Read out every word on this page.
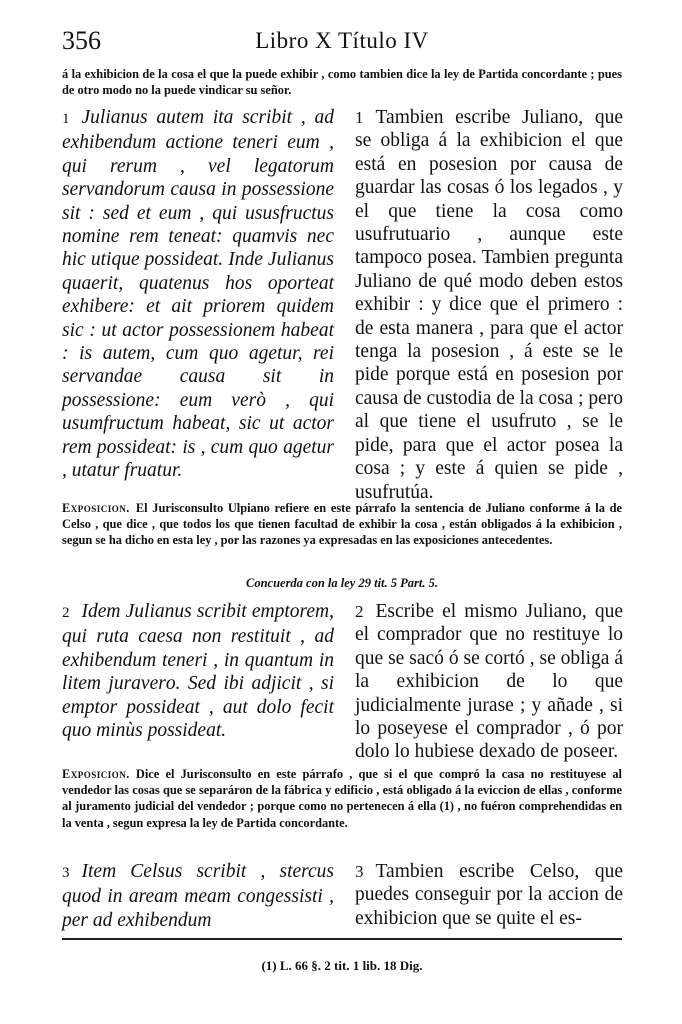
356	Libro X Título IV
á la exhibicion de la cosa el que la puede exhibir , como tambien dice la ley de Partida concordante ; pues de otro modo no la puede vindicar su señor.
1 Julianus autem ita scribit , ad exhibendum actione teneri eum , qui rerum , vel legatorum servandorum causa in possessione sit : sed et eum , qui ususfructus nomine rem teneat: quamvis nec hic utique possideat. Inde Julianus quaerit, quatenus hos oporteat exhibere: et ait priorem quidem sic : ut actor possessionem habeat : is autem, cum quo agetur, rei servandae causa sit in possessione: eum verò , qui usumfructum habeat, sic ut actor rem possideat: is , cum quo agetur , utatur fruatur.
1 Tambien escribe Juliano, que se obliga á la exhibicion el que está en posesion por causa de guardar las cosas ó los legados , y el que tiene la cosa como usufrutuario , aunque este tampoco posea. Tambien pregunta Juliano de qué modo deben estos exhibir : y dice que el primero : de esta manera , para que el actor tenga la posesion , á este se le pide porque está en posesion por causa de custodia de la cosa ; pero al que tiene el usufruto , se le pide, para que el actor posea la cosa ; y este á quien se pide , usufrutúa.
Exposicion. El Jurisconsulto Ulpiano refiere en este párrafo la sentencia de Juliano conforme á la de Celso , que dice , que todos los que tienen facultad de exhibir la cosa , están obligados á la exhibicion , segun se ha dicho en esta ley , por las razones ya expresadas en las exposiciones antecedentes.
Concuerda con la ley 29 tit. 5 Part. 5.
2 Idem Julianus scribit emptorem, qui ruta caesa non restituit , ad exhibendum teneri , in quantum in litem juraverο. Sed ibi adjicit , si emptor possideat , aut dolo fecit quo minùs possideat.
2 Escribe el mismo Juliano, que el comprador que no restituye lo que se sacó ó se cortó , se obliga á la exhibicion de lo que judicialmente jurase ; y añade , si lo poseyese el comprador , ó por dolo lo hubiese dexado de poseer.
Exposicion. Dice el Jurisconsulto en este párrafo , que si el que compró la casa no restituyese al vendedor las cosas que se separáron de la fábrica y edificio , está obligado á la eviccion de ellas , conforme al juramento judicial del vendedor ; porque como no pertenecen á ella (1) , no fuéron comprehendidas en la venta , segun expresa la ley de Partida concordante.
3 Item Celsus scribit , stercus quod in aream meam congessisti , per ad exhibendum
3 Tambien escribe Celso, que puedes conseguir por la accion de exhibicion que se quite el es-
(1) L. 66 §. 2 tit. 1 lib. 18 Dig.
